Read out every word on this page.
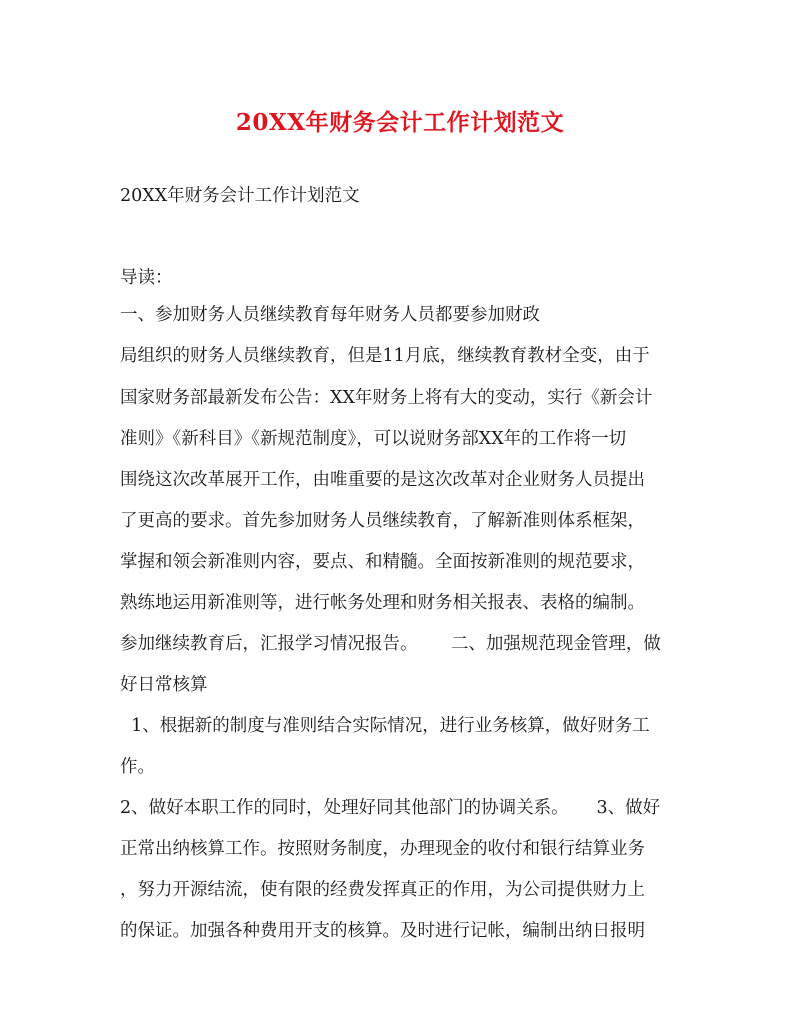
20XX年财务会计工作计划范文
20XX年财务会计工作计划范文
导读：
一、参加财务人员继续教育每年财务人员都要参加财政
局组织的财务人员继续教育，但是11月底，继续教育教材全变，由于
国家财务部最新发布公告：XX年财务上将有大的变动，实行《新会计
准则》《新科目》《新规范制度》，可以说财务部XX年的工作将一切
围绕这次改革展开工作，由唯重要的是这次改革对企业财务人员提出
了更高的要求。首先参加财务人员继续教育，了解新准则体系框架，
掌握和领会新准则内容，要点、和精髓。全面按新准则的规范要求，
熟练地运用新准则等，进行帐务处理和财务相关报表、表格的编制。
参加继续教育后，汇报学习情况报告。      二、加强规范现金管理，做
好日常核算
1、根据新的制度与准则结合实际情况，进行业务核算，做好财务工
作。
2、做好本职工作的同时，处理好同其他部门的协调关系。     3、做好
正常出纳核算工作。按照财务制度，办理现金的收付和银行结算业务
，努力开源结流，使有限的经费发挥真正的作用，为公司提供财力上
的保证。加强各种费用开支的核算。及时进行记帐，编制出纳日报明
